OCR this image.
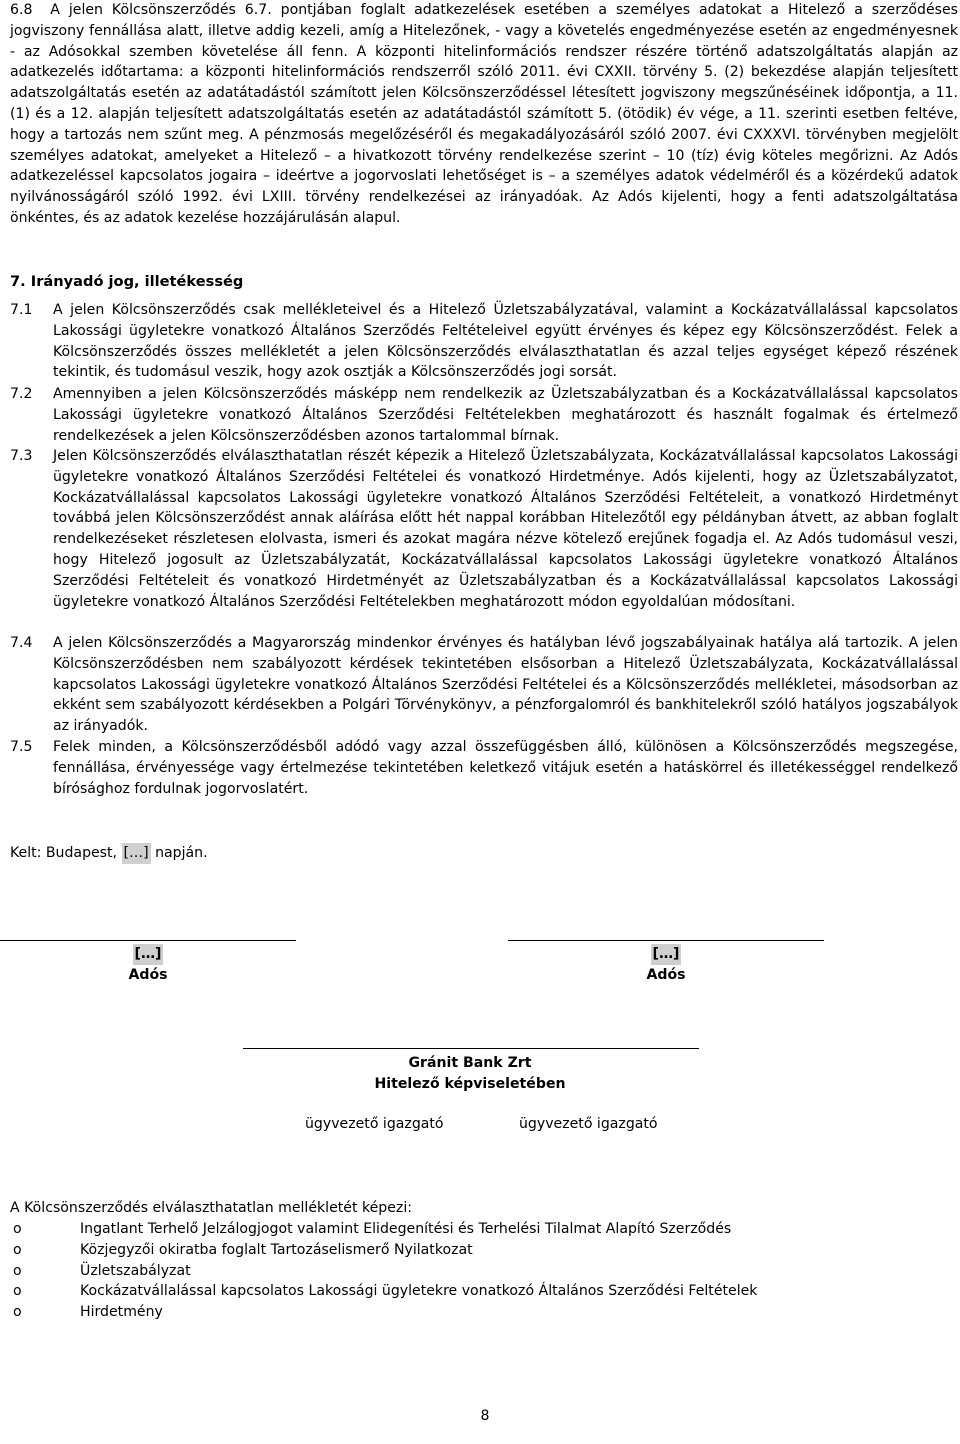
6.8  A jelen Kölcsönszerződés 6.7. pontjában foglalt adatkezelések esetében a személyes adatokat a Hitelező a szerződéses jogviszony fennállása alatt, illetve addig kezeli, amíg a Hitelezőnek, - vagy a követelés engedményezése esetén az engedményesnek - az Adósokkal szemben követelése áll fenn. A központi hitelinformációs rendszer részére történő adatszolgáltatás alapján az adatkezelés időtartama: a központi hitelinformációs rendszerről szóló 2011. évi CXXII. törvény 5. (2) bekezdése alapján teljesített adatszolgáltatás esetén az adatátadástól számított jelen Kölcsönszerződéssel létesített jogviszony megszűnéséinek időpontja, a 11. (1) és a 12. alapján teljesített adatszolgáltatás esetén az adatátadástól számított 5. (ötödik) év vége, a 11. szerinti esetben feltéve, hogy a tartozás nem szűnt meg. A pénzmosás megelőzéséről és megakadályozásáról szóló 2007. évi CXXXVI. törvényben megjelölt személyes adatokat, amelyeket a Hitelező – a hivatkozott törvény rendelkezése szerint – 10 (tíz) évig köteles megőrizni. Az Adós adatkezeléssel kapcsolatos jogaira – ideértve a jogorvoslati lehetőséget is – a személyes adatok védelméről és a közérdekű adatok nyilvánosságáról szóló 1992. évi LXIII. törvény rendelkezései az irányadóak. Az Adós kijelenti, hogy a fenti adatszolgáltatása önkéntes, és az adatok kezelése hozzájárulásán alapul.

7. Irányadó jog, illetékesség
7.1	A jelen Kölcsönszerződés csak mellékleteivel és a Hitelező Üzletszabályzatával, valamint a Kockázatvállalással kapcsolatos Lakossági ügyletekre vonatkozó Általános Szerződés Feltételeivel együtt érvényes és képez egy Kölcsönszerződést. Felek a Kölcsönszerződés összes mellékletét a jelen Kölcsönszerződés elválaszthatatlan és azzal teljes egységet képező részének tekintik, és tudomásul veszik, hogy azok osztják a Kölcsönszerződés jogi sorsát.
7.2	Amennyiben a jelen Kölcsönszerződés másképp nem rendelkezik az Üzletszabályzatban és a Kockázatvállalással kapcsolatos Lakossági ügyletekre vonatkozó Általános Szerződési Feltételekben meghatározott és használt fogalmak és értelmező rendelkezések a jelen Kölcsönszerződésben azonos tartalommal bírnak.
7.3	Jelen Kölcsönszerződés elválaszthatatlan részét képezik a Hitelező Üzletszabályzata, Kockázatvállalással kapcsolatos Lakossági ügyletekre vonatkozó Általános Szerződési Feltételei és vonatkozó Hirdetménye. Adós kijelenti, hogy az Üzletszabályzatot, Kockázatvállalással kapcsolatos Lakossági ügyletekre vonatkozó Általános Szerződési Feltételeit, a vonatkozó Hirdetményt továbbá jelen Kölcsönszerződést annak aláírása előtt hét nappal korábban Hitelezőtől egy példányban átvett, az abban foglalt rendelkezéseket részletesen elolvasta, ismeri és azokat magára nézve kötelező erejűnek fogadja el. Az Adós tudomásul veszi, hogy Hitelező jogosult az Üzletszabályzatát, Kockázatvállalással kapcsolatos Lakossági ügyletekre vonatkozó Általános Szerződési Feltételeit és vonatkozó Hirdetményét az Üzletszabályzatban és a Kockázatvállalással kapcsolatos Lakossági ügyletekre vonatkozó Általános Szerződési Feltételekben meghatározott módon egyoldalúan módosítani.
7.4	A jelen Kölcsönszerződés a Magyarország mindenkor érvényes és hatályban lévő jogszabályainak hatálya alá tartozik. A jelen Kölcsönszerződésben nem szabályozott kérdések tekintetében elsősorban a Hitelező Üzletszabályzata, Kockázatvállalással kapcsolatos Lakossági ügyletekre vonatkozó Általános Szerződési Feltételei és a Kölcsönszerződés mellékletei, másodsorban az ekként sem szabályozott kérdésekben a Polgári Törvénykönyv, a pénzforgalomról és bankhitelekről szóló hatályos jogszabályok az irányadók.
7.5	Felek minden, a Kölcsönszerződésből adódó vagy azzal összefüggésben álló, különösen a Kölcsönszerződés megszegése, fennállása, érvényessége vagy értelmezése tekintetében keletkező vitájuk esetén a hatáskörrel és illetékességgel rendelkező bírósághoz fordulnak jogorvoslatért.
Kelt: Budapest, […] napján.
[…]
Adós
[…]
Adós
Gránit Bank Zrt
Hitelező képviseletében
ügyvezető igazgató	ügyvezető igazgató
A Kölcsönszerződés elválaszthatatlan mellékletét képezi:
o	Ingatlant Terhelő Jelzálogjogot valamint Elidegenítési és Terhelési Tilalmat Alapító Szerződés
o	Közjegyzői okiratba foglalt Tartozáselismerő Nyilatkozat
o	Üzletszabályzat
o	Kockázatvállalással kapcsolatos Lakossági ügyletekre vonatkozó Általános Szerződési Feltételek
o	Hirdetmény
8
